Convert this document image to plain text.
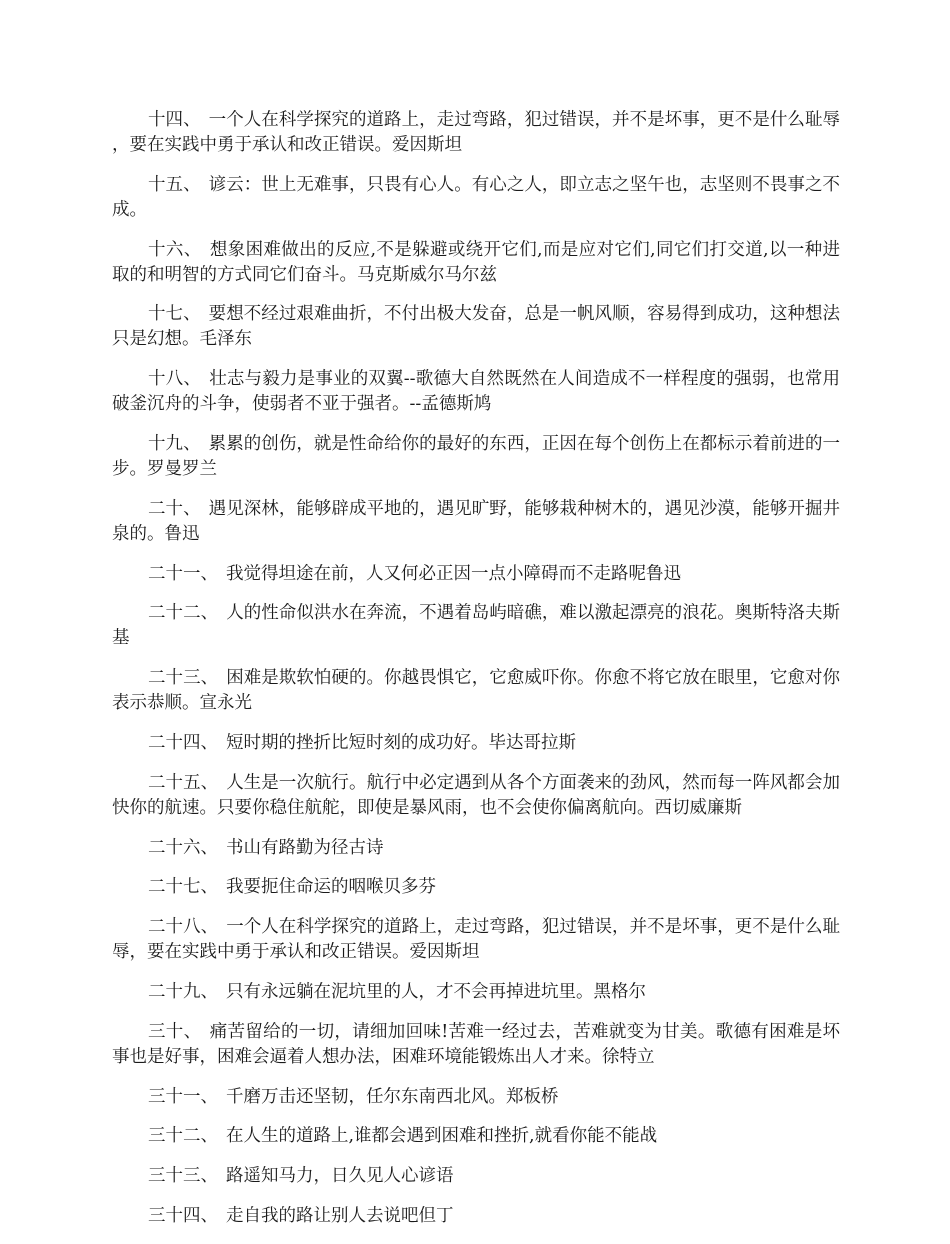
十四、 一个人在科学探究的道路上，走过弯路，犯过错误，并不是坏事，更不是什么耻辱，要在实践中勇于承认和改正错误。爱因斯坦

十五、 谚云：世上无难事，只畏有心人。有心之人，即立志之坚午也，志坚则不畏事之不成。

十六、 想象困难做出的反应,不是躲避或绕开它们,而是应对它们,同它们打交道,以一种进取的和明智的方式同它们奋斗。马克斯威尔马尔兹

十七、 要想不经过艰难曲折，不付出极大发奋，总是一帆风顺，容易得到成功，这种想法只是幻想。毛泽东

十八、 壮志与毅力是事业的双翼--歌德大自然既然在人间造成不一样程度的强弱，也常用破釜沉舟的斗争，使弱者不亚于强者。--孟德斯鸠

十九、 累累的创伤，就是性命给你的最好的东西，正因在每个创伤上在都标示着前进的一步。罗曼罗兰

二十、 遇见深林，能够辟成平地的，遇见旷野，能够栽种树木的，遇见沙漠，能够开掘井泉的。鲁迅

二十一、 我觉得坦途在前，人又何必正因一点小障碍而不走路呢鲁迅

二十二、 人的性命似洪水在奔流，不遇着岛屿暗礁，难以激起漂亮的浪花。奥斯特洛夫斯基

二十三、 困难是欺软怕硬的。你越畏惧它，它愈威吓你。你愈不将它放在眼里，它愈对你表示恭顺。宣永光

二十四、 短时期的挫折比短时刻的成功好。毕达哥拉斯

二十五、 人生是一次航行。航行中必定遇到从各个方面袭来的劲风，然而每一阵风都会加快你的航速。只要你稳住航舵，即使是暴风雨，也不会使你偏离航向。西切威廉斯

二十六、 书山有路勤为径古诗

二十七、 我要扼住命运的咽喉贝多芬

二十八、 一个人在科学探究的道路上，走过弯路，犯过错误，并不是坏事，更不是什么耻辱，要在实践中勇于承认和改正错误。爱因斯坦

二十九、 只有永远躺在泥坑里的人，才不会再掉进坑里。黑格尔

三十、 痛苦留给的一切，请细加回味!苦难一经过去，苦难就变为甘美。歌德有困难是坏事也是好事，困难会逼着人想办法，困难环境能锻炼出人才来。徐特立

三十一、 千磨万击还坚韧，任尔东南西北风。郑板桥

三十二、 在人生的道路上,谁都会遇到困难和挫折,就看你能不能战

三十三、 路遥知马力，日久见人心谚语

三十四、 走自我的路让别人去说吧但丁
